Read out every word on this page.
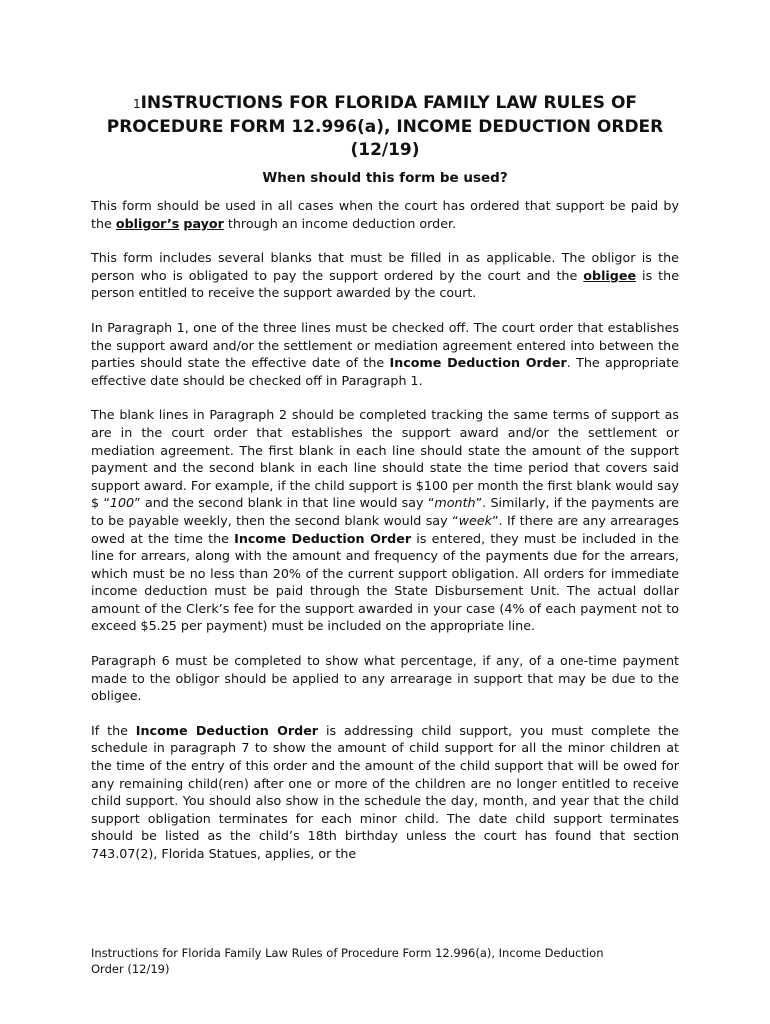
1INSTRUCTIONS FOR FLORIDA FAMILY LAW RULES OF
PROCEDURE FORM 12.996(a), INCOME DEDUCTION ORDER
(12/19)
When should this form be used?

This form should be used in all cases when the court has ordered that support be paid by the obligor’s payor through an income deduction order.

This form includes several blanks that must be filled in as applicable. The obligor is the person who is obligated to pay the support ordered by the court and the obligee is the person entitled to receive the support awarded by the court.

In Paragraph 1, one of the three lines must be checked off. The court order that establishes the support award and/or the settlement or mediation agreement entered into between the parties should state the effective date of the Income Deduction Order. The appropriate effective date should be checked off in Paragraph 1.

The blank lines in Paragraph 2 should be completed tracking the same terms of support as are in the court order that establishes the support award and/or the settlement or mediation agreement. The first blank in each line should state the amount of the support payment and the second blank in each line should state the time period that covers said support award. For example, if the child support is $100 per month the first blank would say $ “100” and the second blank in that line would say “month”. Similarly, if the payments are to be payable weekly, then the second blank would say “week”. If there are any arrearages owed at the time the Income Deduction Order is entered, they must be included in the line for arrears, along with the amount and frequency of the payments due for the arrears, which must be no less than 20% of the current support obligation. All orders for immediate income deduction must be paid through the State Disbursement Unit. The actual dollar amount of the Clerk’s fee for the support awarded in your case (4% of each payment not to exceed $5.25 per payment) must be included on the appropriate line.

Paragraph 6 must be completed to show what percentage, if any, of a one-time payment made to the obligor should be applied to any arrearage in support that may be due to the obligee.

If the Income Deduction Order is addressing child support, you must complete the schedule in paragraph 7 to show the amount of child support for all the minor children at the time of the entry of this order and the amount of the child support that will be owed for any remaining child(ren) after one or more of the children are no longer entitled to receive child support. You should also show in the schedule the day, month, and year that the child support obligation terminates for each minor child. The date child support terminates should be listed as the child’s 18th birthday unless the court has found that section 743.07(2), Florida Statues, applies, or the

Instructions for Florida Family Law Rules of Procedure Form 12.996(a), Income Deduction
Order (12/19)
